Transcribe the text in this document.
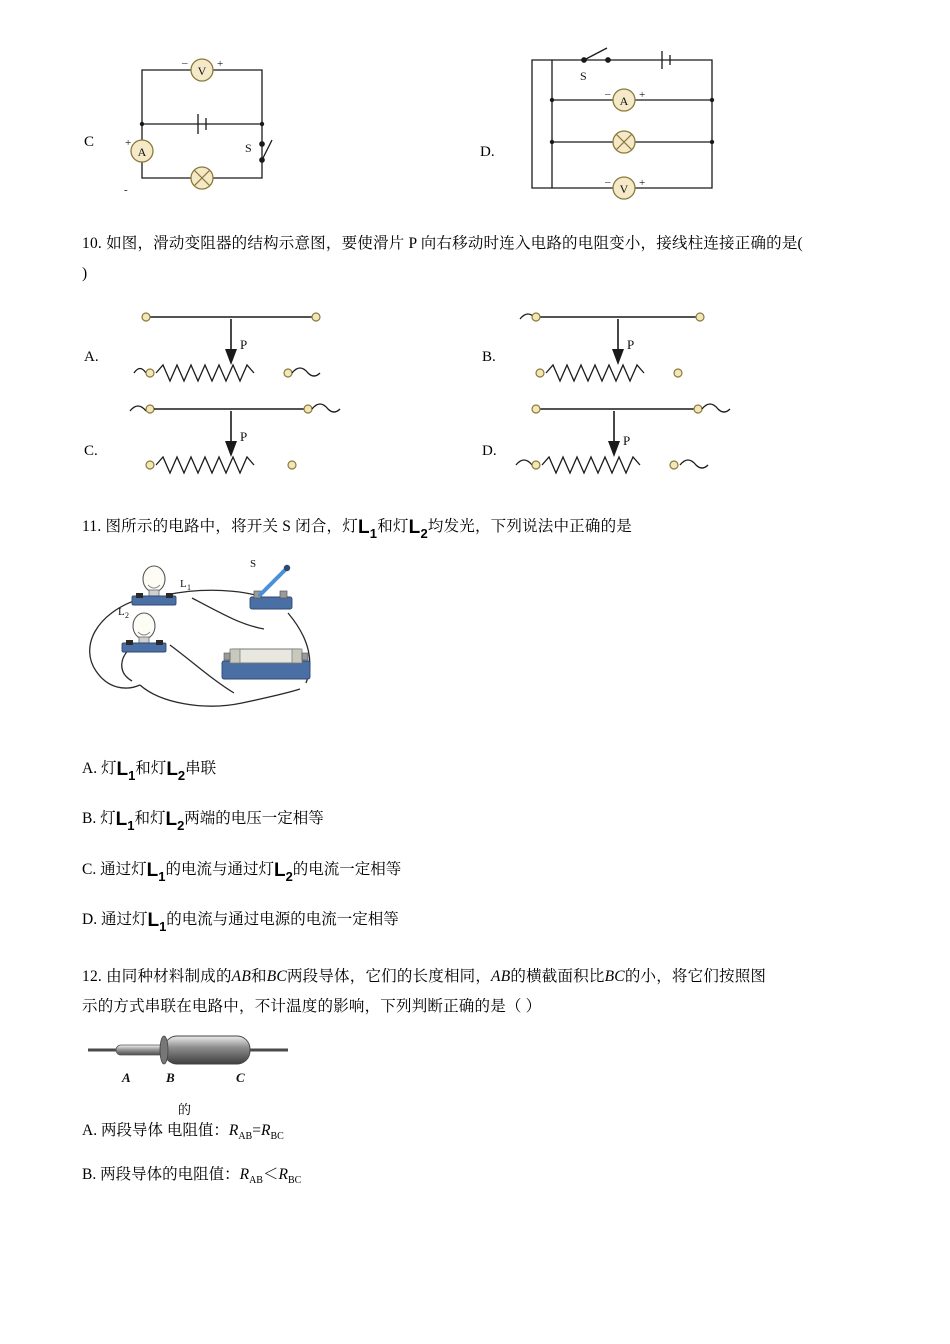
C
D.
V
–	+
A
+
-
S
S
A
–	+
V
–	+
10. 如图，滑动变阻器的结构示意图，要使滑片 P 向右移动时连入电路的电阻变小，接线柱连接正确的是(
)
A.
P
B.
P
C.
P
D.
P
11. 图所示的电路中，将开关 S 闭合，灯$L_1$和灯$L_2$均发光，下列说法中正确的是
L 1
L 2
S
A. 灯$L_1$和灯$L_2$串联
B. 灯$L_1$和灯$L_2$两端的电压一定相等
C. 通过灯$L_1$的电流与通过灯$L_2$的电流一定相等
D. 通过灯$L_1$的电流与通过电源的电流一定相等
12. 由同种材料制成的AB和BC两段导体，它们的长度相同，AB的横截面积比BC的小，将它们按照图
示的方式串联在电路中，不计温度的影响，下列判断正确的是（ ）
A	B	C
的
A. 两段导体 电阻值：$R_{AB}=R_{BC}$
B. 两段导体的电阻值：$R_{AB}<R_{BC}$
